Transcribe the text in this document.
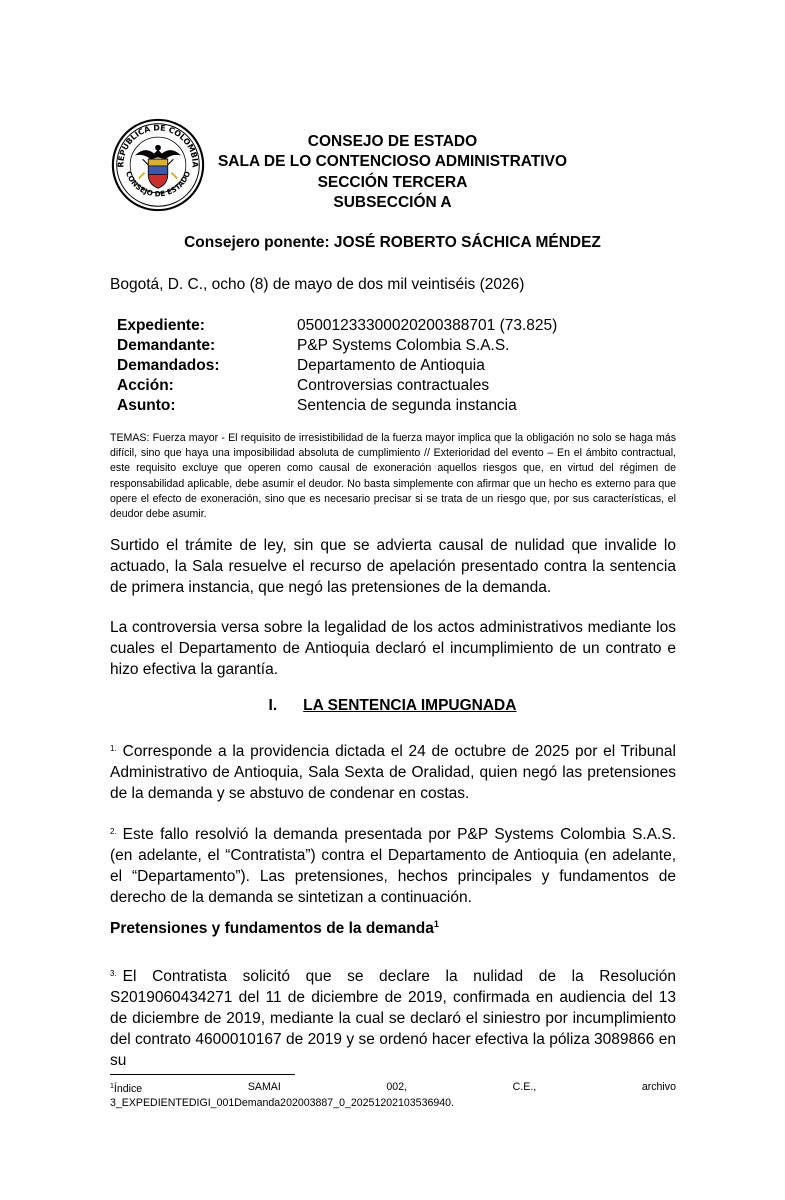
REPÚBLICA DE COLOMBIA
CONSEJO DE ESTADO
CONSEJO DE ESTADO
SALA DE LO CONTENCIOSO ADMINISTRATIVO
SECCIÓN TERCERA
SUBSECCIÓN A
Consejero ponente: JOSÉ ROBERTO SÁCHICA MÉNDEZ
Bogotá, D. C., ocho (8) de mayo de dos mil veintiséis (2026)
Expediente:	05001233300020200388701 (73.825)
Demandante:	P&P Systems Colombia S.A.S.
Demandados:	Departamento de Antioquia
Acción:	Controversias contractuales
Asunto:	Sentencia de segunda instancia
TEMAS: Fuerza mayor - El requisito de irresistibilidad de la fuerza mayor implica que la obligación no solo se haga más difícil, sino que haya una imposibilidad absoluta de cumplimiento // Exterioridad del evento – En el ámbito contractual, este requisito excluye que operen como causal de exoneración aquellos riesgos que, en virtud del régimen de responsabilidad aplicable, debe asumir el deudor. No basta simplemente con afirmar que un hecho es externo para que opere el efecto de exoneración, sino que es necesario precisar si se trata de un riesgo que, por sus características, el deudor debe asumir.
Surtido el trámite de ley, sin que se advierta causal de nulidad que invalide lo actuado, la Sala resuelve el recurso de apelación presentado contra la sentencia de primera instancia, que negó las pretensiones de la demanda.
La controversia versa sobre la legalidad de los actos administrativos mediante los cuales el Departamento de Antioquia declaró el incumplimiento de un contrato e hizo efectiva la garantía.
I. LA SENTENCIA IMPUGNADA
$^{1.}$ Corresponde a la providencia dictada el 24 de octubre de 2025 por el Tribunal Administrativo de Antioquia, Sala Sexta de Oralidad, quien negó las pretensiones de la demanda y se abstuvo de condenar en costas.
$^{2.}$ Este fallo resolvió la demanda presentada por P&P Systems Colombia S.A.S. (en adelante, el “Contratista”) contra el Departamento de Antioquia (en adelante, el “Departamento”). Las pretensiones, hechos principales y fundamentos de derecho de la demanda se sintetizan a continuación.
Pretensiones y fundamentos de la demanda$^1$
$^{3.}$ El Contratista solicitó que se declare la nulidad de la Resolución S2019060434271 del 11 de diciembre de 2019, confirmada en audiencia del 13 de diciembre de 2019, mediante la cual se declaró el siniestro por incumplimiento del contrato 4600010167 de 2019 y se ordenó hacer efectiva la póliza 3089866 en su
$^1$Índice	SAMAI	002,	C.E.,	archivo
3_EXPEDIENTEDIGI_001Demanda202003887_0_20251202103536940.
